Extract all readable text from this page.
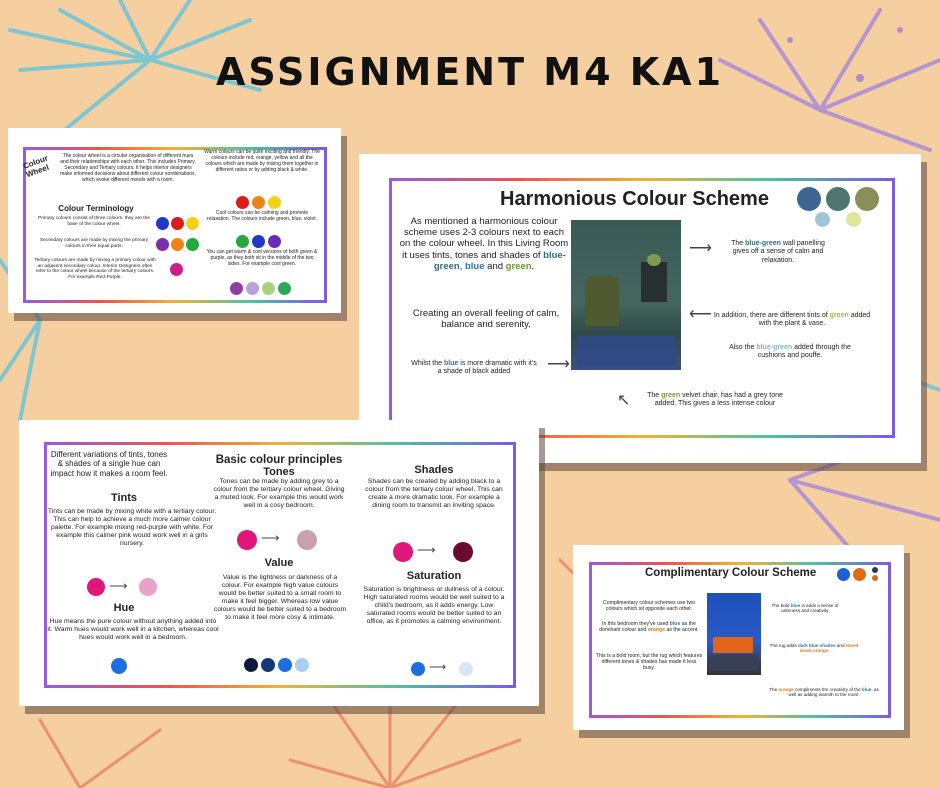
ASSIGNMENT M4 KA1
Colour Wheel

The colour wheel is a circular organisation of different hues and their relationships with each other. This includes Primary, Secondary and Tertiary colours. It helps interior designers make informed decisions about different colour combinations, which evoke different moods with a room.

Colour Terminology

Primary colours consist of three colours, they are the base of the colour wheel.

Secondary colours are made by mixing the primary colours in their equal parts.

Tertiary colours are made by mixing a primary colour with an adjacent secondary colour. Interior Designers often refer to the colour wheel because of the tertiary colours. For example Red-Purple.

Warm colours can be quite exciting and friendly. The colours include red, orange, yellow and all the colours which are made by mixing them together in different ratios or by adding black & white.

Cool colours can be calming and promote relaxation. The colours include green, blue, violet.

You can get warm & cool versions of both green & purple, as they both sit in the middle of the two sides. For example cool green.

Harmonious Colour Scheme

As mentioned a harmonious colour scheme uses 2-3 colours next to each on the colour wheel. In this Living Room it uses tints, tones and shades of blue-green, blue and green.

Creating an overall feeling of calm, balance and serenity.

Whilst the blue is more dramatic with it's a shade of black added

The blue-green wall panelling gives off a sense of calm and relaxation.

In addition, there are different tints of green added with the plant & vase.

Also the blue-green added through the cushions and pouffe.

The green velvet chair, has had a grey tone added. This gives a less intense colour

⟶
⟵
⟶
↖

Different variations of tints, tones & shades of a single hue can impact how it makes a room feel.

Basic colour principles
Tints

Tints can be made by mixing white with a tertiary colour. This can help to achieve a much more calmer colour palette. For example mixing red-purple with white. For example this calmer pink would work well in a girls nursery.

⟶
Hue

Hue means the pure colour without anything added into it. Warm hues would work well in a kitchen, whereas cool hues would work well in a bedroom.

Tones

Tones can be made by adding grey to a colour from the tertiary colour wheel. Giving a muted look. For example this would work well in a cosy bedroom.

⟶
Value

Value is the lightness or darkness of a colour. For example high value colours would be better suited to a small room to make it feel bigger. Whereas low value colours would be better suited to a bedroom to make it feel more cosy & intimate.

Shades

Shades can be created by adding black to a colour from the tertiary colour wheel. This can create a more dramatic look. For example a dining room to transmit an inviting space.

⟶
Saturation

Saturation is brightness or dullness of a colour. High saturated rooms would be well suited to a child's bedroom, as it adds energy. Low saturated rooms would be better suited to an office, as it promotes a calming environment.

⟶
Complimentary Colour Scheme

Complimentary colour schemes use two colours which sit opposite each other.

In this bedroom they've used blue as the dominant colour and orange as the accent.

This is a bold room, but the rug which features different tones & shades has made it less busy.

The bold blue is adds a sense of calmness and creativity.

The rug adds dark blue shades and toned down orange

The orange compliments the creativity of the blue, as well as adding warmth to the room.
